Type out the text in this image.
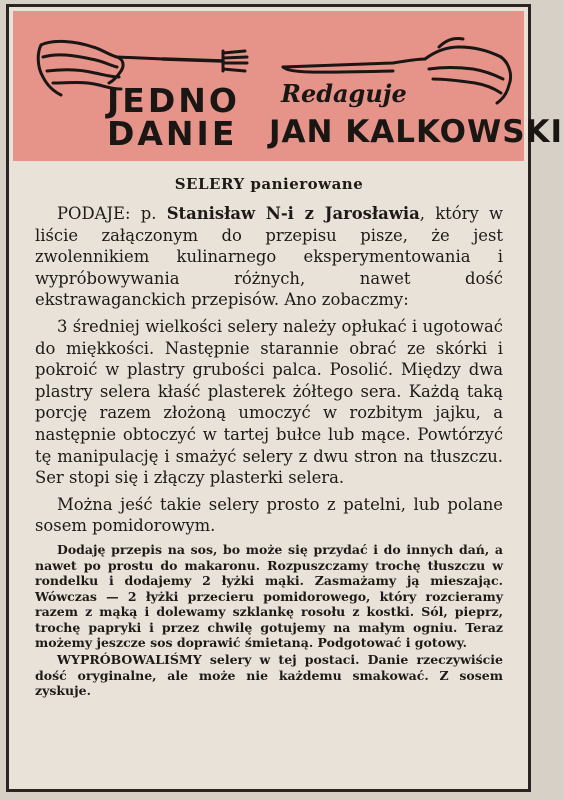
JEDNO
DANIE
Redaguje
JAN KALKOWSKI

SELERY panierowane

PODAJE: p. Stanisław N-i z Jarosławia, który w liście załączonym do przepisu pisze, że jest zwolennikiem kulinarnego eksperymentowania i wypróbowywania różnych, nawet dość ekstrawaganckich przepisów. Ano zobaczmy:

3 średniej wielkości selery należy opłukać i ugotować do miękkości. Następnie starannie obrać ze skórki i pokroić w plastry grubości palca. Posolić. Między dwa plastry selera kłaść plasterek żółtego sera. Każdą taką porcję razem złożoną umoczyć w rozbitym jajku, a następnie obtoczyć w tartej bułce lub mące. Powtórzyć tę manipulację i smażyć selery z dwu stron na tłuszczu. Ser stopi się i złączy plasterki selera.

Można jeść takie selery prosto z patelni, lub polane sosem pomidorowym.

Dodaję przepis na sos, bo może się przydać i do innych dań, a nawet po prostu do makaronu. Rozpuszczamy trochę tłuszczu w rondelku i dodajemy 2 łyżki mąki. Zasmażamy ją mieszając. Wówczas — 2 łyżki przecieru pomidorowego, który rozcieramy razem z mąką i dolewamy szklankę rosołu z kostki. Sól, pieprz, trochę papryki i przez chwilę gotujemy na małym ogniu. Teraz możemy jeszcze sos doprawić śmietaną. Podgotować i gotowy.

WYPRÓBOWALIŚMY selery w tej postaci. Danie rzeczywiście dość oryginalne, ale może nie każdemu smakować. Z sosem zyskuje.
